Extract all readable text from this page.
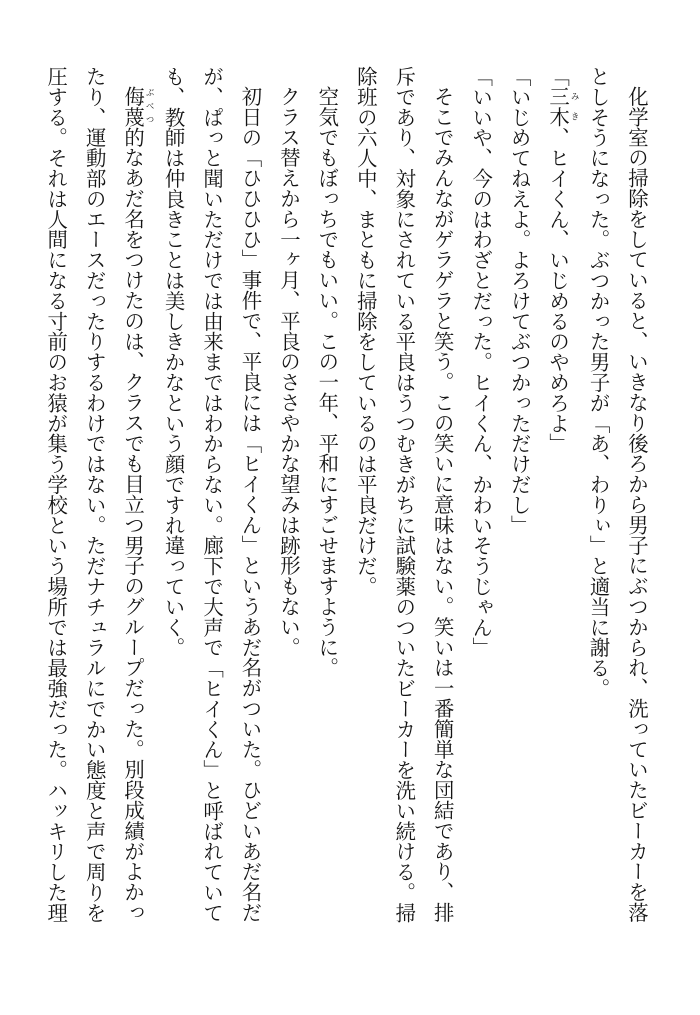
化学室の掃除をしていると、いきなり後ろから男子にぶつかられ、洗っていたビーカーを落
としそうになった。ぶつかった男子が「あ、わりぃ」と適当に謝る。
「三木 みき、ヒイくん、いじめるのやめろよ」
「いじめてねえよ。よろけてぶつかっただけだし」
「いいや、今のはわざとだった。ヒイくん、かわいそうじゃん」
そこでみんながゲラゲラと笑う。この笑いに意味はない。笑いは一番簡単な団結であり、排
斥であり、対象にされている平良はうつむきがちに試験薬のついたビーカーを洗い続ける。掃
除班の六人中、まともに掃除をしているのは平良だけだ。
空気でもぼっちでもいい。この一年、平和にすごせますように。
クラス替えから一ヶ月、平良のささやかな望みは跡形もない。
初日の「ひひひひ」事件で、平良には「ヒイくん」というあだ名がついた。ひどいあだ名だ
が、ぱっと聞いただけでは由来まではわからない。廊下で大声で「ヒイくん」と呼ばれていて
も、教師は仲良きことは美しきかなという顔ですれ違っていく。
侮蔑 ぶべつ的なあだ名をつけたのは、クラスでも目立つ男子のグループだった。別段成績がよかっ
たり、運動部のエースだったりするわけではない。ただナチュラルにでかい態度と声で周りを
圧する。それは人間になる寸前のお猿が集う学校という場所では最強だった。ハッキリした理
